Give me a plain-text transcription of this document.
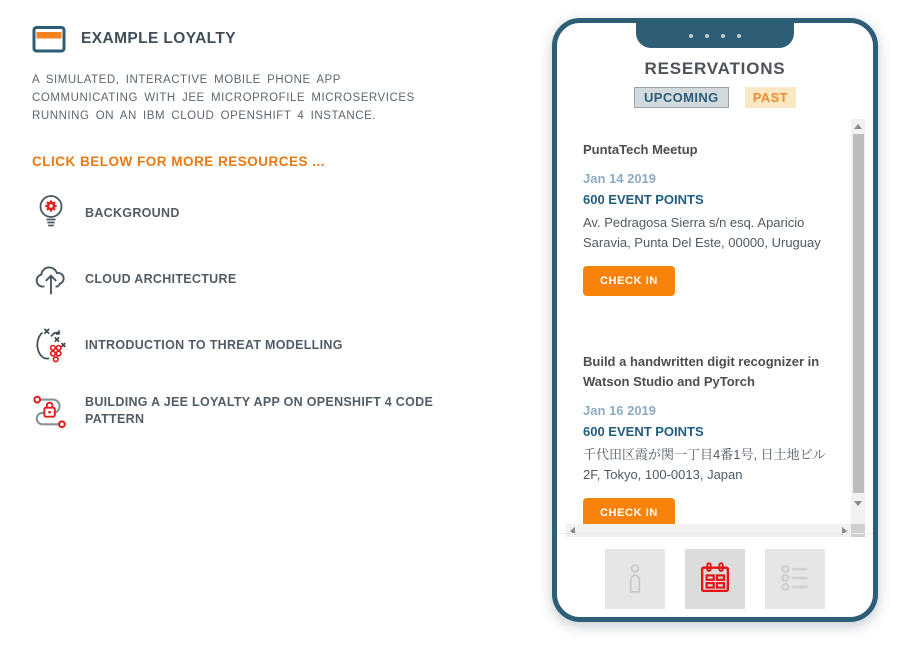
EXAMPLE LOYALTY

A SIMULATED, INTERACTIVE MOBILE PHONE APP COMMUNICATING WITH JEE MICROPROFILE MICROSERVICES RUNNING ON AN IBM CLOUD OPENSHIFT 4 INSTANCE.

CLICK BELOW FOR MORE RESOURCES ...
BACKGROUND
CLOUD ARCHITECTURE
INTRODUCTION TO THREAT MODELLING
BUILDING A JEE LOYALTY APP ON OPENSHIFT 4 CODE PATTERN
RESERVATIONS
UPCOMING	PAST
PuntaTech Meetup
Jan 14 2019
600 EVENT POINTS
Av. Pedragosa Sierra s/n esq. Aparicio Saravia, Punta Del Este, 00000, Uruguay
CHECK IN
Build a handwritten digit recognizer in Watson Studio and PyTorch
Jan 16 2019
600 EVENT POINTS
千代田区霞が関一丁目4番1号, 日土地ビル2F, Tokyo, 100-0013, Japan
CHECK IN
